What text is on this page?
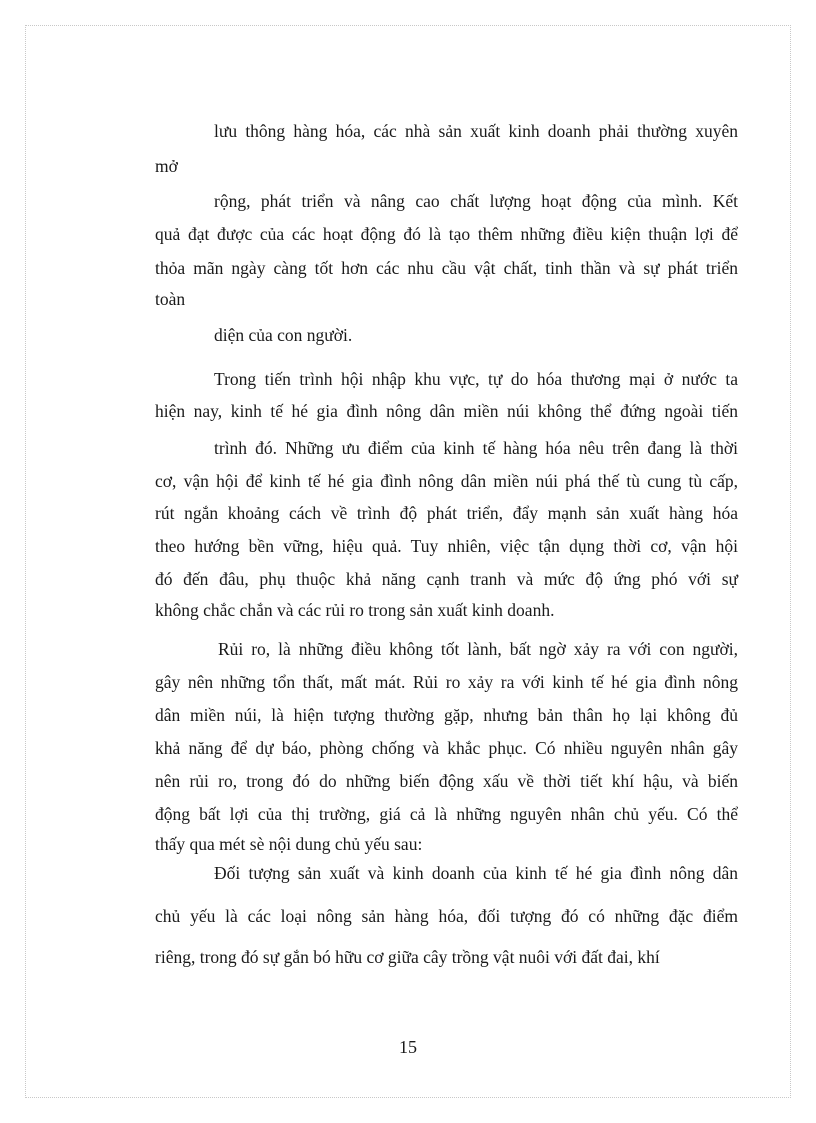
lưu thông hàng hóa, các nhà sản xuất kinh doanh phải thường xuyên
mở
rộng, phát triển và nâng cao chất lượng hoạt động của mình. Kết
quả đạt được của các hoạt động đó là tạo thêm những điều kiện thuận lợi để
thỏa mãn ngày càng tốt hơn các nhu cầu vật chất, tinh thần và sự phát triển
toàn
diện của con người.
Trong tiến trình hội nhập khu vực, tự do hóa thương mại ở nước ta
hiện nay, kinh tế hé gia đình nông dân miền núi không thể đứng ngoài tiến
trình đó. Những ưu điểm của kinh tế hàng hóa nêu trên đang là thời
cơ, vận hội để kinh tế hé gia đình nông dân miền núi phá thế tù cung tù cấp,
rút ngắn khoảng cách về trình độ phát triển, đẩy mạnh sản xuất hàng hóa
theo hướng bền vững, hiệu quả. Tuy nhiên, việc tận dụng thời cơ, vận hội
đó đến đâu, phụ thuộc khả năng cạnh tranh và mức độ ứng phó với sự
không chắc chắn và các rủi ro trong sản xuất kinh doanh.
Rủi ro, là những điều không tốt lành, bất ngờ xảy ra với con người,
gây nên những tổn thất, mất mát. Rủi ro xảy ra với kinh tế hé gia đình nông
dân miền núi, là hiện tượng thường gặp, nhưng bản thân họ lại không đủ
khả năng để dự báo, phòng chống và khắc phục. Có nhiều nguyên nhân gây
nên rủi ro, trong đó do những biến động xấu về thời tiết khí hậu, và biến
động bất lợi của thị trường, giá cả là những nguyên nhân chủ yếu. Có thể
thấy qua mét sè nội dung chủ yếu sau:
Đối tượng sản xuất và kinh doanh của kinh tế hé gia đình nông dân
chủ yếu là các loại nông sản hàng hóa, đối tượng đó có những đặc điểm
riêng, trong đó sự gắn bó hữu cơ giữa cây trồng vật nuôi với đất đai, khí
15
